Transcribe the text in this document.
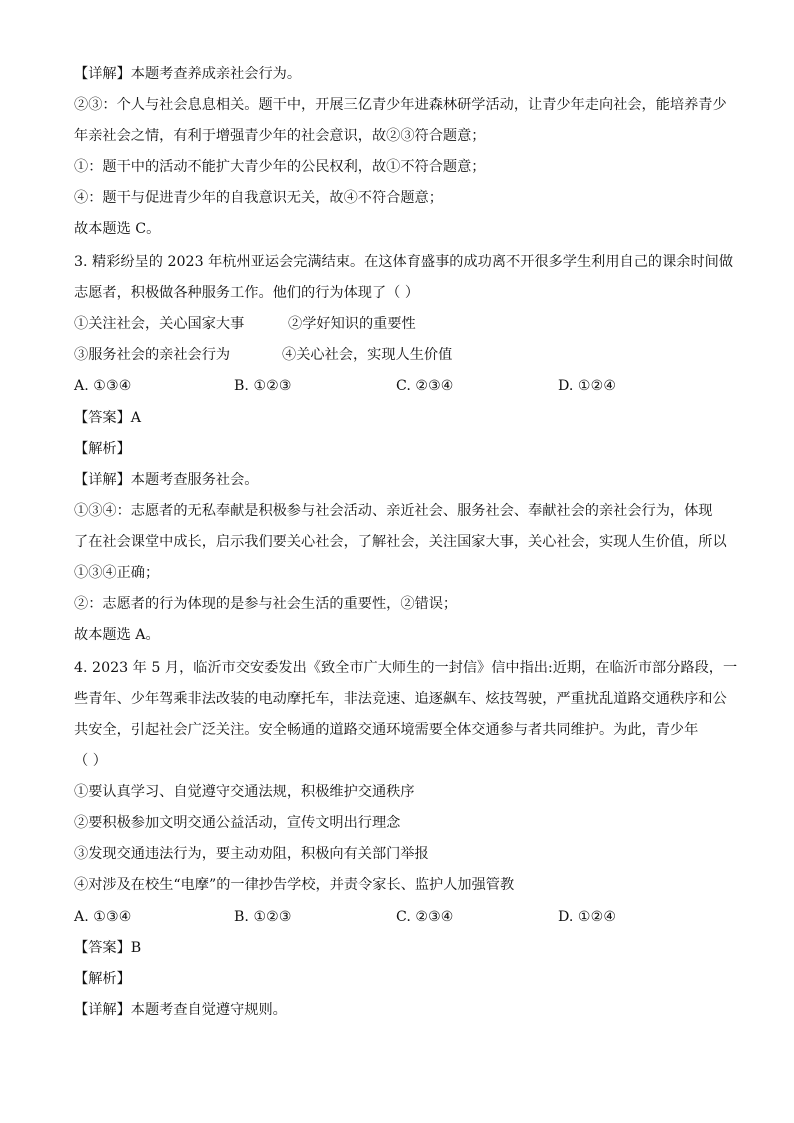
【详解】本题考查养成亲社会行为。
②③：个人与社会息息相关。题干中，开展三亿青少年进森林研学活动，让青少年走向社会，能培养青少
年亲社会之情，有利于增强青少年的社会意识，故②③符合题意；
①：题干中的活动不能扩大青少年的公民权利，故①不符合题意；
④：题干与促进青少年的自我意识无关，故④不符合题意；
故本题选 C。
3. 精彩纷呈的 2023 年杭州亚运会完满结束。在这体育盛事的成功离不开很多学生利用自己的课余时间做
志愿者，积极做各种服务工作。他们的行为体现了（ ）
①关注社会，关心国家大事	②学好知识的重要性
③服务社会的亲社会行为	④关心社会，实现人生价值
A. ①③④	B. ①②③	C. ②③④	D. ①②④
【答案】A
【解析】
【详解】本题考查服务社会。
①③④：志愿者的无私奉献是积极参与社会活动、亲近社会、服务社会、奉献社会的亲社会行为，体现
了在社会课堂中成长，启示我们要关心社会，了解社会，关注国家大事，关心社会，实现人生价值，所以
①③④正确；
②：志愿者的行为体现的是参与社会生活的重要性，②错误；
故本题选 A。
4. 2023 年 5 月，临沂市交安委发出《致全市广大师生的一封信》信中指出:近期，在临沂市部分路段，一
些青年、少年驾乘非法改装的电动摩托车，非法竞速、追逐飙车、炫技驾驶，严重扰乱道路交通秩序和公
共安全，引起社会广泛关注。安全畅通的道路交通环境需要全体交通参与者共同维护。为此，青少年
（ ）
①要认真学习、自觉遵守交通法规，积极维护交通秩序
②要积极参加文明交通公益活动，宣传文明出行理念
③发现交通违法行为，要主动劝阻，积极向有关部门举报
④对涉及在校生“电摩”的一律抄告学校，并责令家长、监护人加强管教
A. ①③④	B. ①②③	C. ②③④	D. ①②④
【答案】B
【解析】
【详解】本题考查自觉遵守规则。
